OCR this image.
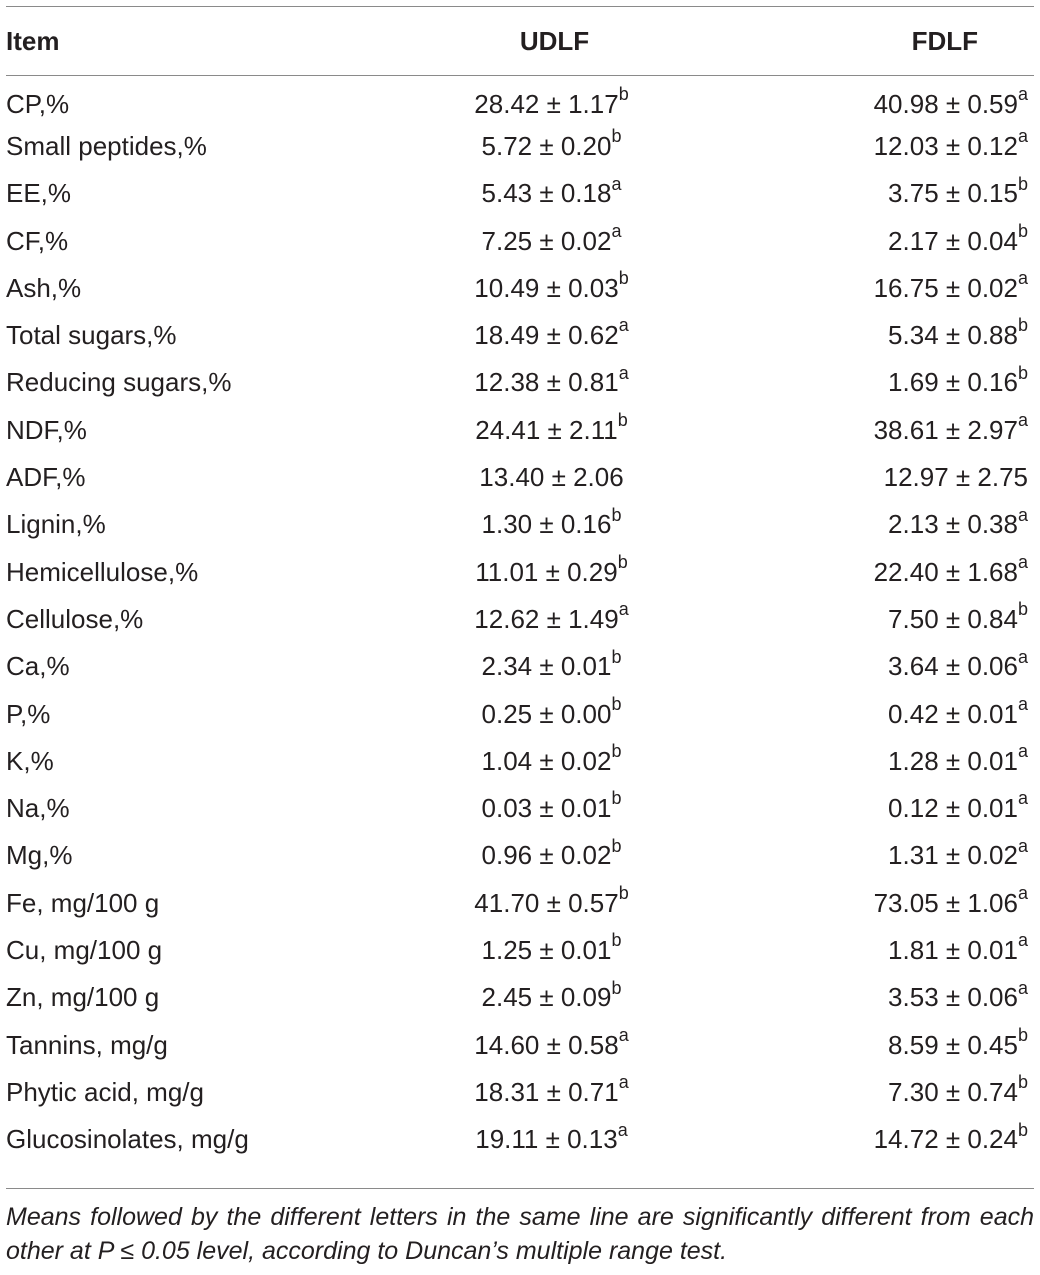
Item	UDLF	FDLF
CP,%	28.42 ± 1.17$^b$	40.98 ± 0.59$^a$
Small peptides,%	5.72 ± 0.20$^b$	12.03 ± 0.12$^a$
EE,%	5.43 ± 0.18$^a$	3.75 ± 0.15$^b$
CF,%	7.25 ± 0.02$^a$	2.17 ± 0.04$^b$
Ash,%	10.49 ± 0.03$^b$	16.75 ± 0.02$^a$
Total sugars,%	18.49 ± 0.62$^a$	5.34 ± 0.88$^b$
Reducing sugars,%	12.38 ± 0.81$^a$	1.69 ± 0.16$^b$
NDF,%	24.41 ± 2.11$^b$	38.61 ± 2.97$^a$
ADF,%	13.40 ± 2.06	12.97 ± 2.75
Lignin,%	1.30 ± 0.16$^b$	2.13 ± 0.38$^a$
Hemicellulose,%	11.01 ± 0.29$^b$	22.40 ± 1.68$^a$
Cellulose,%	12.62 ± 1.49$^a$	7.50 ± 0.84$^b$
Ca,%	2.34 ± 0.01$^b$	3.64 ± 0.06$^a$
P,%	0.25 ± 0.00$^b$	0.42 ± 0.01$^a$
K,%	1.04 ± 0.02$^b$	1.28 ± 0.01$^a$
Na,%	0.03 ± 0.01$^b$	0.12 ± 0.01$^a$
Mg,%	0.96 ± 0.02$^b$	1.31 ± 0.02$^a$
Fe, mg/100 g	41.70 ± 0.57$^b$	73.05 ± 1.06$^a$
Cu, mg/100 g	1.25 ± 0.01$^b$	1.81 ± 0.01$^a$
Zn, mg/100 g	2.45 ± 0.09$^b$	3.53 ± 0.06$^a$
Tannins, mg/g	14.60 ± 0.58$^a$	8.59 ± 0.45$^b$
Phytic acid, mg/g	18.31 ± 0.71$^a$	7.30 ± 0.74$^b$
Glucosinolates, mg/g	19.11 ± 0.13$^a$	14.72 ± 0.24$^b$
Means followed by the different letters in the same line are significantly different from each other at P ≤ 0.05 level, according to Duncan’s multiple range test.
